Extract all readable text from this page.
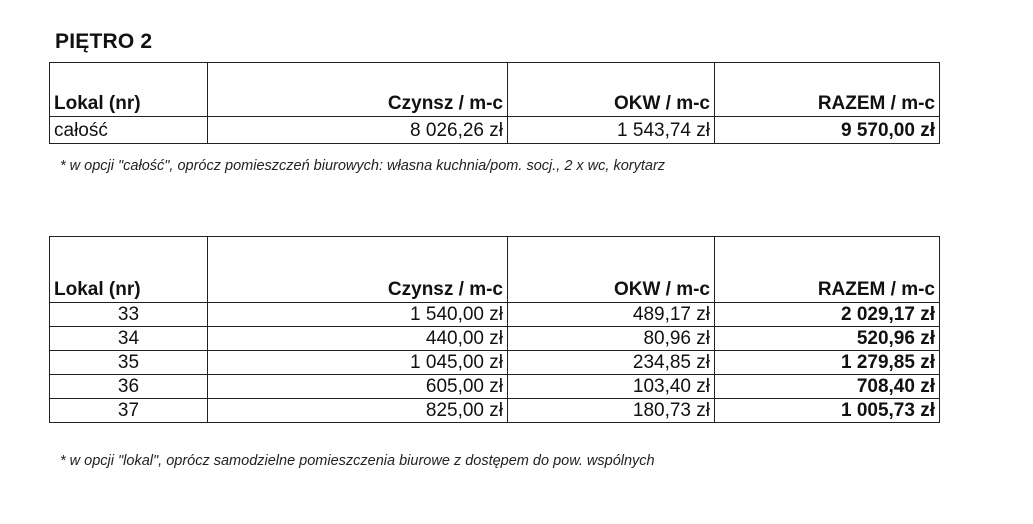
PIĘTRO 2
Lokal (nr)	Czynsz / m-c	OKW / m-c	RAZEM / m-c
całość	8 026,26 zł	1 543,74 zł	9 570,00 zł
* w opcji "całość", oprócz pomieszczeń biurowych: własna kuchnia/pom. socj., 2 x wc, korytarz
Lokal (nr)	Czynsz / m-c	OKW / m-c	RAZEM / m-c
33	1 540,00 zł	489,17 zł	2 029,17 zł
34	440,00 zł	80,96 zł	520,96 zł
35	1 045,00 zł	234,85 zł	1 279,85 zł
36	605,00 zł	103,40 zł	708,40 zł
37	825,00 zł	180,73 zł	1 005,73 zł
* w opcji "lokal", oprócz samodzielne pomieszczenia biurowe z dostępem do pow. wspólnych
